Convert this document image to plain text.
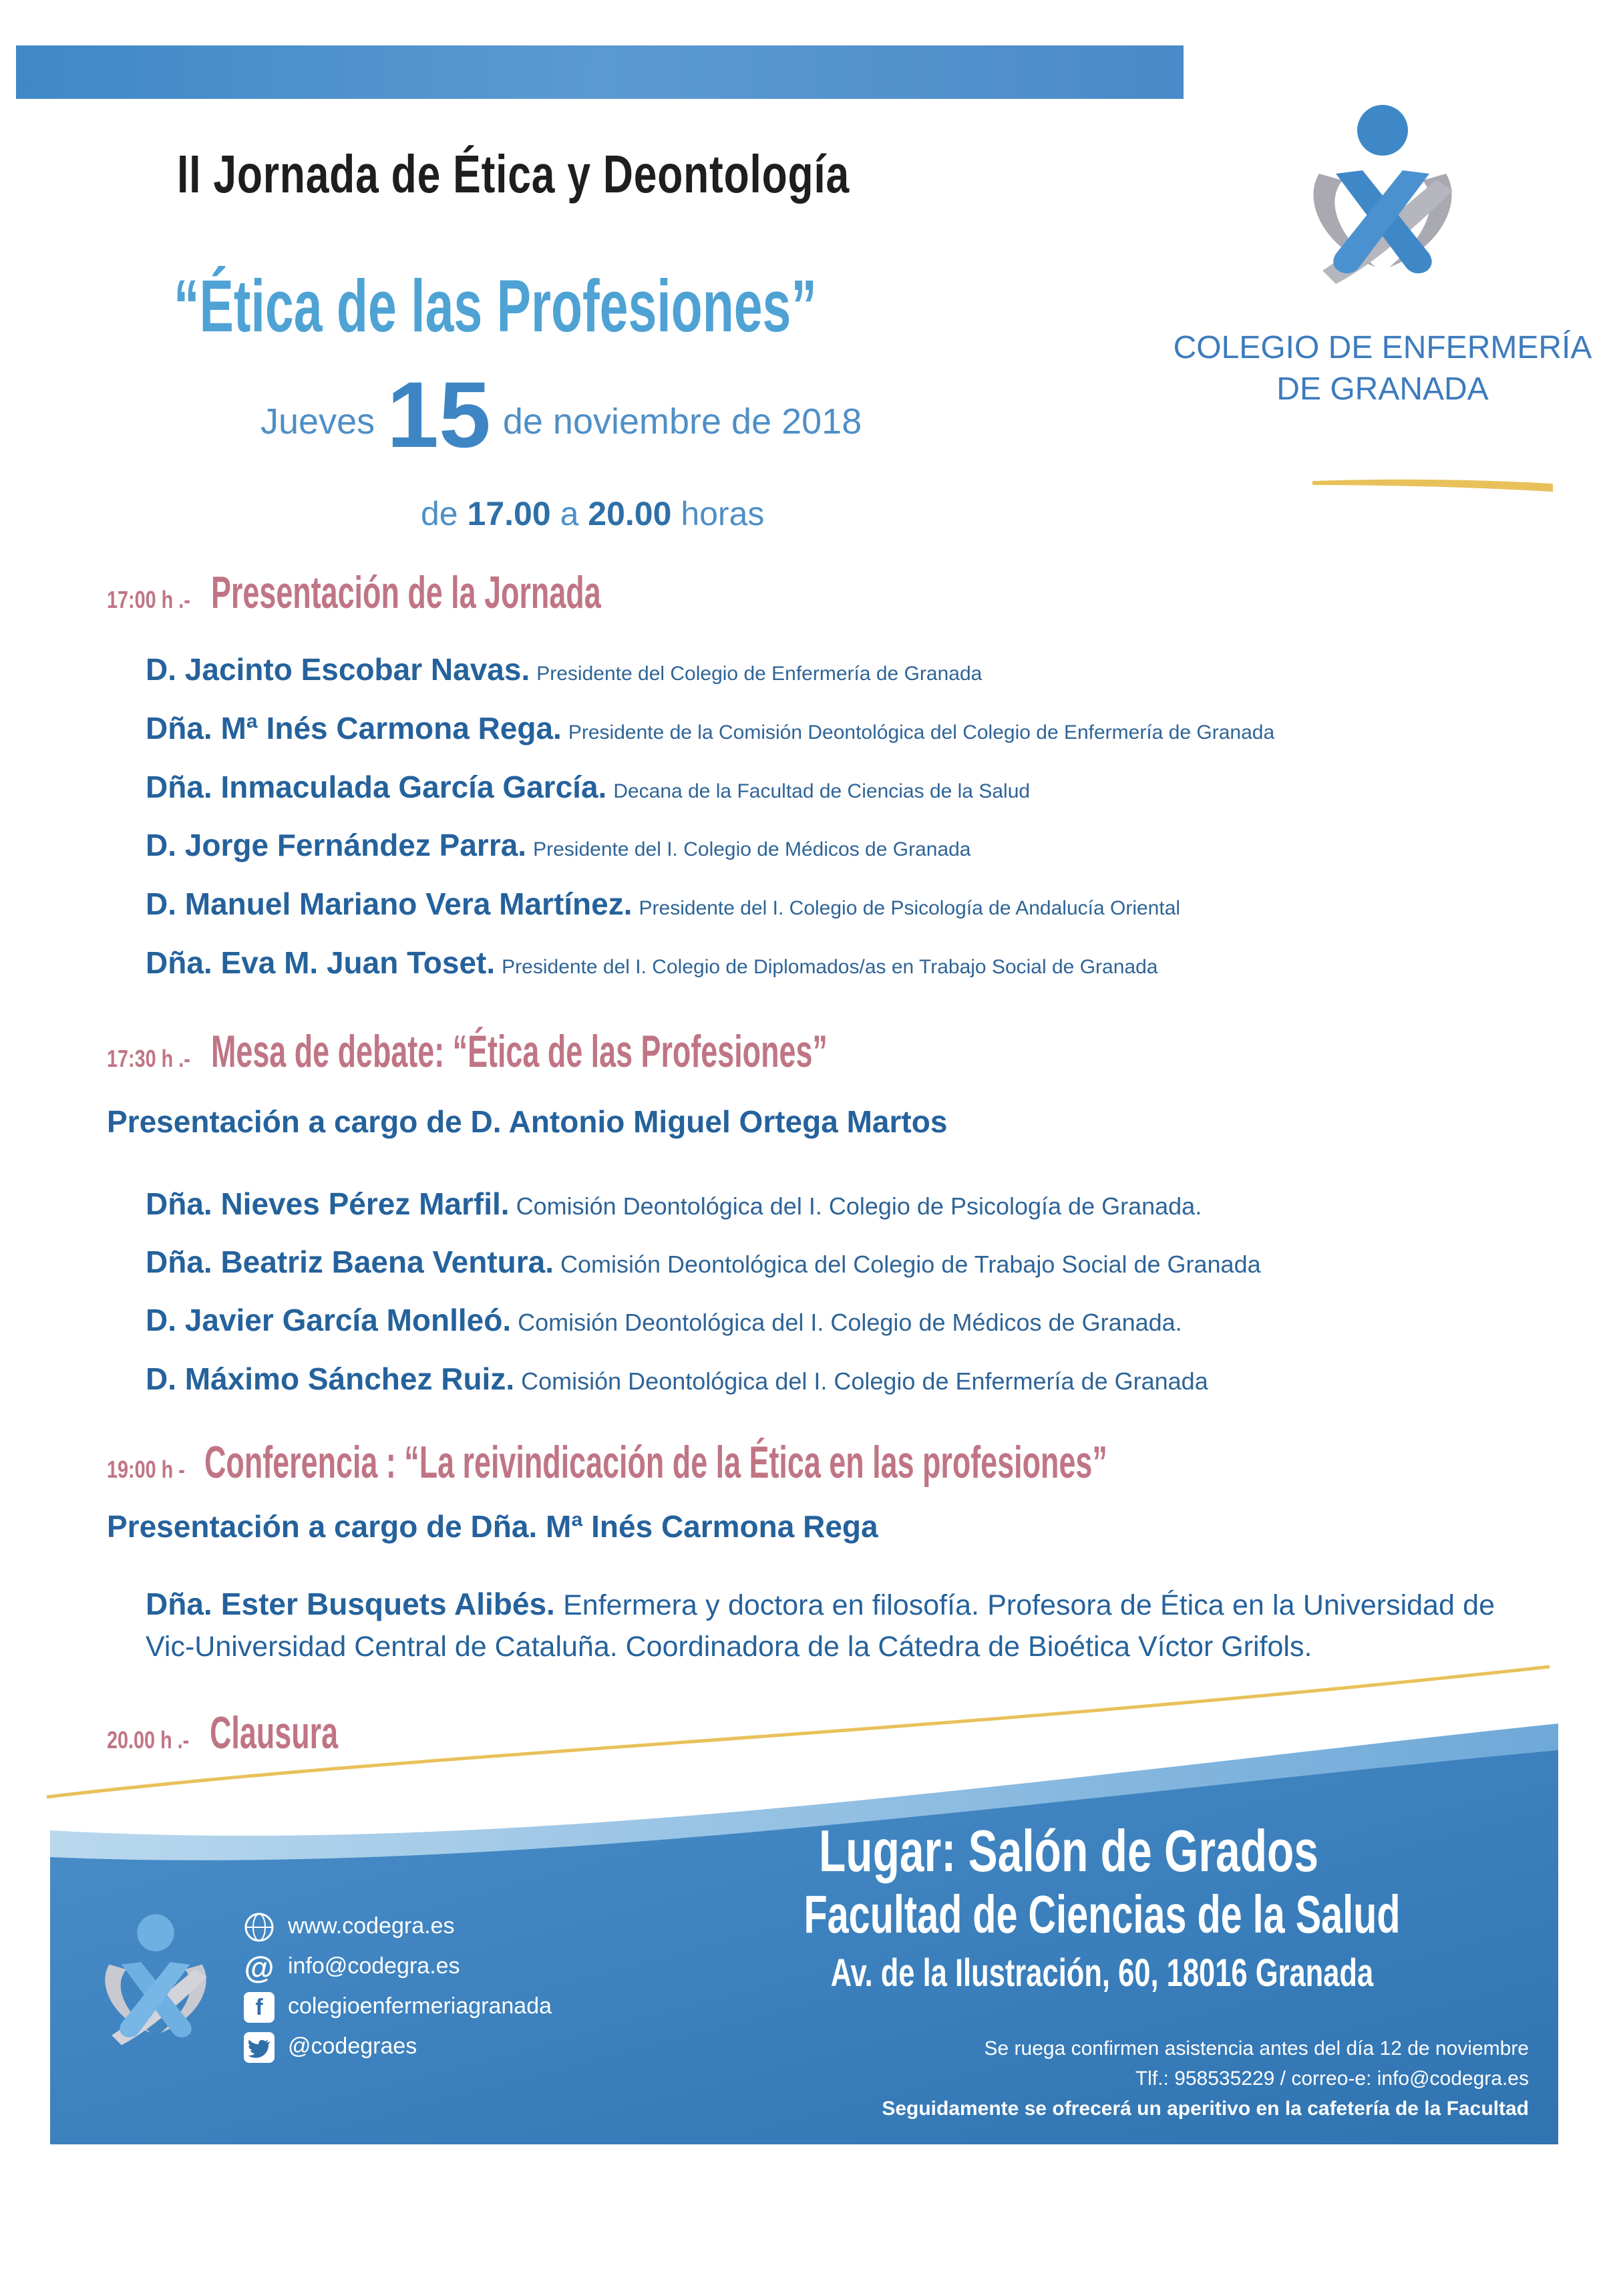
II Jornada de Ética y Deontología
“Ética de las Profesiones”
Jueves 15 de noviembre de 2018
de 17.00 a 20.00 horas
COLEGIO DE ENFERMERÍA
DE GRANADA
17:00 h .- Presentación de la Jornada
D. Jacinto Escobar Navas. Presidente del Colegio de Enfermería de Granada
Dña. Mª Inés Carmona Rega. Presidente de la Comisión Deontológica del Colegio de Enfermería de Granada
Dña. Inmaculada García García. Decana de la Facultad de Ciencias de la Salud
D. Jorge Fernández Parra. Presidente del I. Colegio de Médicos de Granada
D. Manuel Mariano Vera Martínez. Presidente del I. Colegio de Psicología de Andalucía Oriental
Dña. Eva M. Juan Toset. Presidente del I. Colegio de Diplomados/as en Trabajo Social de Granada
17:30 h .- Mesa de debate: “Ética de las Profesiones”
Presentación a cargo de D. Antonio Miguel Ortega Martos
Dña. Nieves Pérez Marfil. Comisión Deontológica del I. Colegio de Psicología de Granada.
Dña. Beatriz Baena Ventura. Comisión Deontológica del Colegio de Trabajo Social de Granada
D. Javier García Monlleó. Comisión Deontológica del I. Colegio de Médicos de Granada.
D. Máximo Sánchez Ruiz. Comisión Deontológica del I. Colegio de Enfermería de Granada
19:00 h - Conferencia : “La reivindicación de la Ética en las profesiones”
Presentación a cargo de Dña. Mª Inés Carmona Rega
Dña. Ester Busquets Alibés. Enfermera y doctora en filosofía. Profesora de Ética en la Universidad de Vic-Universidad Central de Cataluña. Coordinadora de la Cátedra de Bioética Víctor Grifols.
20.00 h .- Clausura
www.codegra.es
@ info@codegra.es
f colegioenfermeriagranada
@codegraes
Lugar: Salón de Grados
Facultad de Ciencias de la Salud
Av. de la Ilustración, 60, 18016 Granada
Se ruega confirmen asistencia antes del día 12 de noviembre
Tlf.: 958535229 / correo-e: info@codegra.es
Seguidamente se ofrecerá un aperitivo en la cafetería de la Facultad
